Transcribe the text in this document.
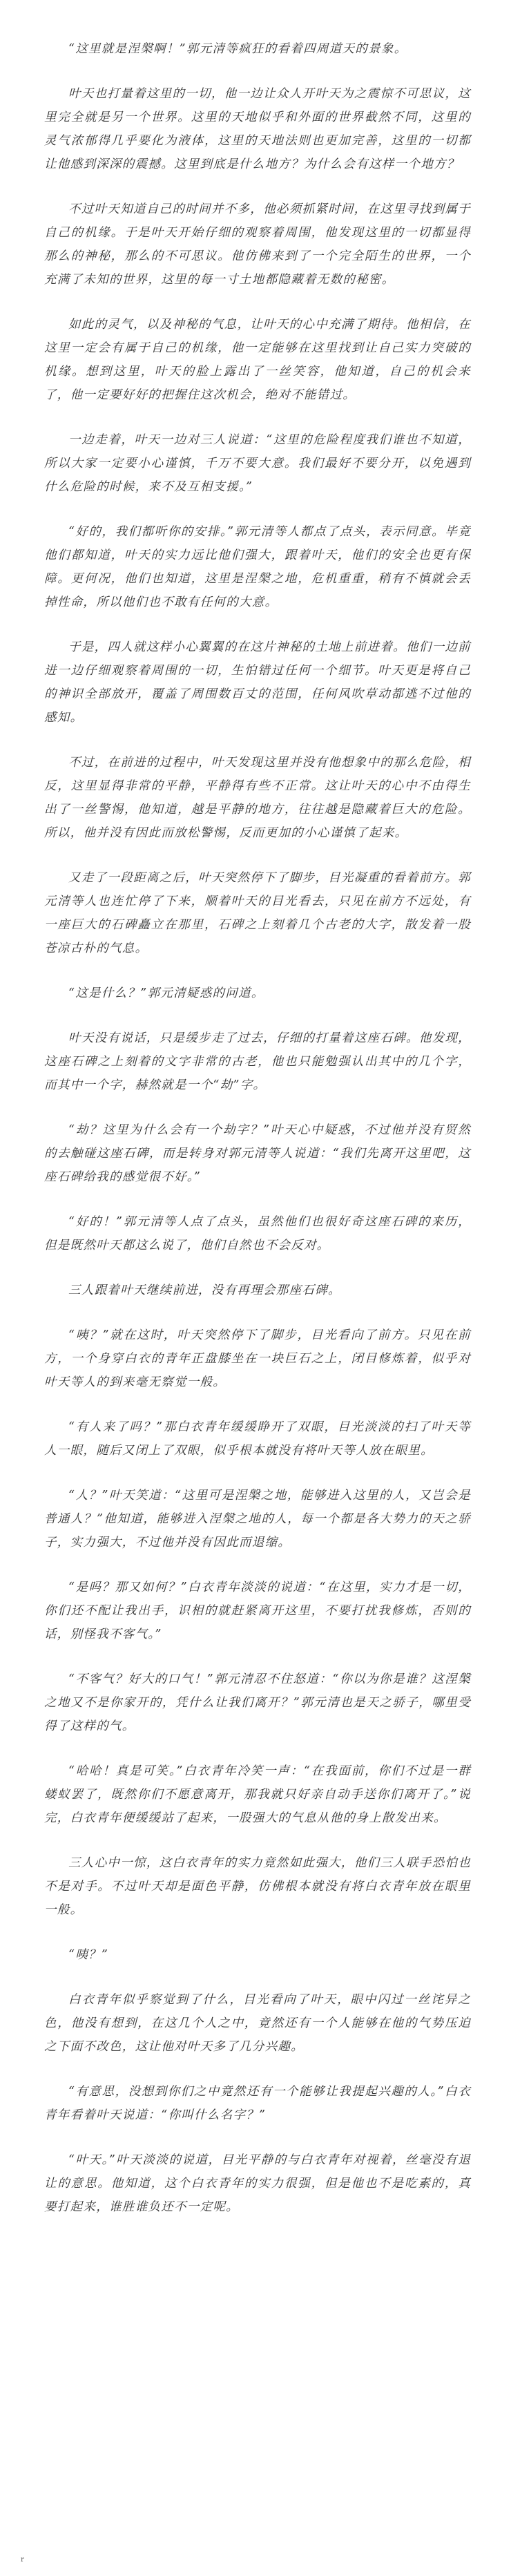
“这里就是涅槃啊！”郭元清等疯狂的看着四周道天的景象。

叶天也打量着这里的一切，他一边让众人开叶天为之震惊不可思议，这里完全就是另一个世界。这里的天地似乎和外面的世界截然不同，这里的灵气浓郁得几乎要化为液体，这里的天地法则也更加完善，这里的一切都让他感到深深的震撼。这里到底是什么地方？为什么会有这样一个地方？

不过叶天知道自己的时间并不多，他必须抓紧时间，在这里寻找到属于自己的机缘。于是叶天开始仔细的观察着周围，他发现这里的一切都显得那么的神秘，那么的不可思议。他仿佛来到了一个完全陌生的世界，一个充满了未知的世界，这里的每一寸土地都隐藏着无数的秘密。

如此的灵气，以及神秘的气息，让叶天的心中充满了期待。他相信，在这里一定会有属于自己的机缘，他一定能够在这里找到让自己实力突破的机缘。想到这里，叶天的脸上露出了一丝笑容，他知道，自己的机会来了，他一定要好好的把握住这次机会，绝对不能错过。

一边走着，叶天一边对三人说道：“这里的危险程度我们谁也不知道，所以大家一定要小心谨慎，千万不要大意。我们最好不要分开，以免遇到什么危险的时候，来不及互相支援。”

“好的，我们都听你的安排。”郭元清等人都点了点头，表示同意。毕竟他们都知道，叶天的实力远比他们强大，跟着叶天，他们的安全也更有保障。更何况，他们也知道，这里是涅槃之地，危机重重，稍有不慎就会丢掉性命，所以他们也不敢有任何的大意。

于是，四人就这样小心翼翼的在这片神秘的土地上前进着。他们一边前进一边仔细观察着周围的一切，生怕错过任何一个细节。叶天更是将自己的神识全部放开，覆盖了周围数百丈的范围，任何风吹草动都逃不过他的感知。

不过，在前进的过程中，叶天发现这里并没有他想象中的那么危险，相反，这里显得非常的平静，平静得有些不正常。这让叶天的心中不由得生出了一丝警惕，他知道，越是平静的地方，往往越是隐藏着巨大的危险。所以，他并没有因此而放松警惕，反而更加的小心谨慎了起来。

又走了一段距离之后，叶天突然停下了脚步，目光凝重的看着前方。郭元清等人也连忙停了下来，顺着叶天的目光看去，只见在前方不远处，有一座巨大的石碑矗立在那里，石碑之上刻着几个古老的大字，散发着一股苍凉古朴的气息。

“这是什么？”郭元清疑惑的问道。

叶天没有说话，只是缓步走了过去，仔细的打量着这座石碑。他发现，这座石碑之上刻着的文字非常的古老，他也只能勉强认出其中的几个字，而其中一个字，赫然就是一个“劫”字。

“劫？这里为什么会有一个劫字？”叶天心中疑惑，不过他并没有贸然的去触碰这座石碑，而是转身对郭元清等人说道：“我们先离开这里吧，这座石碑给我的感觉很不好。”

“好的！”郭元清等人点了点头，虽然他们也很好奇这座石碑的来历，但是既然叶天都这么说了，他们自然也不会反对。

三人跟着叶天继续前进，没有再理会那座石碑。

“咦？”就在这时，叶天突然停下了脚步，目光看向了前方。只见在前方，一个身穿白衣的青年正盘膝坐在一块巨石之上，闭目修炼着，似乎对叶天等人的到来毫无察觉一般。

“有人来了吗？”那白衣青年缓缓睁开了双眼，目光淡淡的扫了叶天等人一眼，随后又闭上了双眼，似乎根本就没有将叶天等人放在眼里。

“人？”叶天笑道：“这里可是涅槃之地，能够进入这里的人，又岂会是普通人？”他知道，能够进入涅槃之地的人，每一个都是各大势力的天之骄子，实力强大，不过他并没有因此而退缩。

“是吗？那又如何？”白衣青年淡淡的说道：“在这里，实力才是一切，你们还不配让我出手，识相的就赶紧离开这里，不要打扰我修炼，否则的话，别怪我不客气。”

“不客气？好大的口气！”郭元清忍不住怒道：“你以为你是谁？这涅槃之地又不是你家开的，凭什么让我们离开？”郭元清也是天之骄子，哪里受得了这样的气。

“哈哈！真是可笑。”白衣青年冷笑一声：“在我面前，你们不过是一群蝼蚁罢了，既然你们不愿意离开，那我就只好亲自动手送你们离开了。”说完，白衣青年便缓缓站了起来，一股强大的气息从他的身上散发出来。

三人心中一惊，这白衣青年的实力竟然如此强大，他们三人联手恐怕也不是对手。不过叶天却是面色平静，仿佛根本就没有将白衣青年放在眼里一般。

“咦？”

白衣青年似乎察觉到了什么，目光看向了叶天，眼中闪过一丝诧异之色，他没有想到，在这几个人之中，竟然还有一个人能够在他的气势压迫之下面不改色，这让他对叶天多了几分兴趣。

“有意思，没想到你们之中竟然还有一个能够让我提起兴趣的人。”白衣青年看着叶天说道：“你叫什么名字？”

“叶天。”叶天淡淡的说道，目光平静的与白衣青年对视着，丝毫没有退让的意思。他知道，这个白衣青年的实力很强，但是他也不是吃素的，真要打起来，谁胜谁负还不一定呢。

r
